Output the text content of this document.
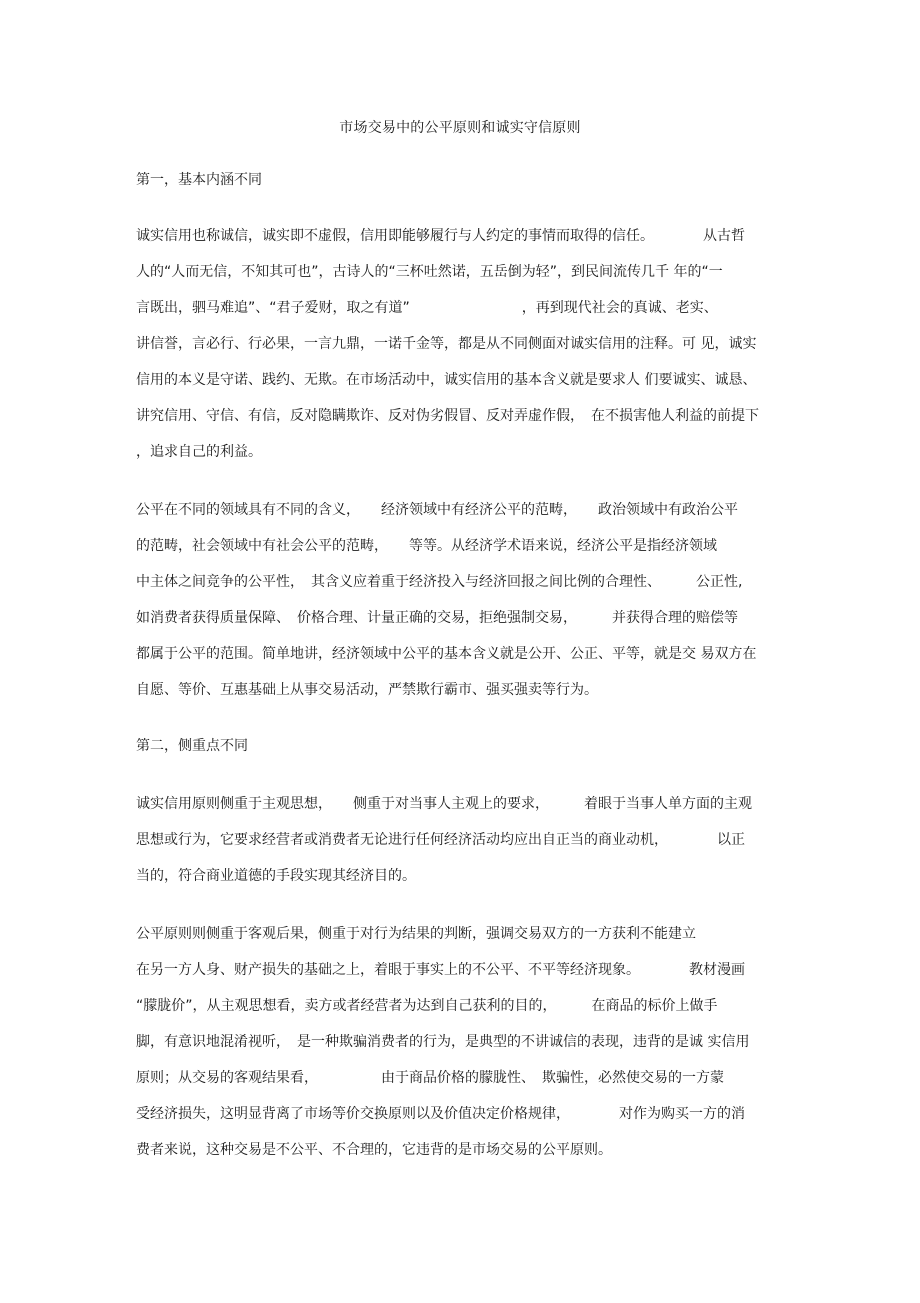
市场交易中的公平原则和诚实守信原则
第一，基本内涵不同
诚实信用也称诚信，诚实即不虚假，信用即能够履行与人约定的事情而取得的信任。　　　　从古哲
人的“人而无信，不知其可也”，古诗人的“三杯吐然诺，五岳倒为轻”，到民间流传几千 年的“一
言既出，驷马难追”、“君子爱财，取之有道”　　　　　　　　，再到现代社会的真诚、老实、
讲信誉，言必行、行必果，一言九鼎，一诺千金等，都是从不同侧面对诚实信用的注释。可 见，诚实
信用的本义是守诺、践约、无欺。在市场活动中，诚实信用的基本含义就是要求人 们要诚实、诚恳、
讲究信用、守信、有信，反对隐瞒欺诈、反对伪劣假冒、反对弄虚作假，　在不损害他人利益的前提下
，追求自己的利益。
公平在不同的领域具有不同的含义，　　经济领域中有经济公平的范畴，　　政治领域中有政治公平
的范畴，社会领域中有社会公平的范畴，　　等等。从经济学术语来说，经济公平是指经济领域
中主体之间竞争的公平性，　其含义应着重于经济投入与经济回报之间比例的合理性、　　　公正性,
如消费者获得质量保障、　价格合理、计量正确的交易，拒绝强制交易，　　　并获得合理的赔偿等
都属于公平的范围。简单地讲，经济领域中公平的基本含义就是公开、公正、平等，就是交 易双方在
自愿、等价、互惠基础上从事交易活动，严禁欺行霸市、强买强卖等行为。
第二，侧重点不同
诚实信用原则侧重于主观思想，　　侧重于对当事人主观上的要求，　　　着眼于当事人单方面的主观
思想或行为，它要求经营者或消费者无论进行任何经济活动均应出自正当的商业动机，　　　　以正
当的，符合商业道德的手段实现其经济目的。
公平原则则侧重于客观后果，侧重于对行为结果的判断，强调交易双方的一方获利不能建立
在另一方人身、财产损失的基础之上，着眼于事实上的不公平、不平等经济现象。　　　　教材漫画
“朦胧价”，从主观思想看，卖方或者经营者为达到自己获利的目的，　　　在商品的标价上做手
脚，有意识地混淆视听，　是一种欺骗消费者的行为，是典型的不讲诚信的表现，违背的是诚 实信用
原则；从交易的客观结果看，　　　　　由于商品价格的朦胧性、　欺骗性，必然使交易的一方蒙
受经济损失，这明显背离了市场等价交换原则以及价值决定价格规律，　　　　对作为购买一方的消
费者来说，这种交易是不公平、不合理的，它违背的是市场交易的公平原则。
